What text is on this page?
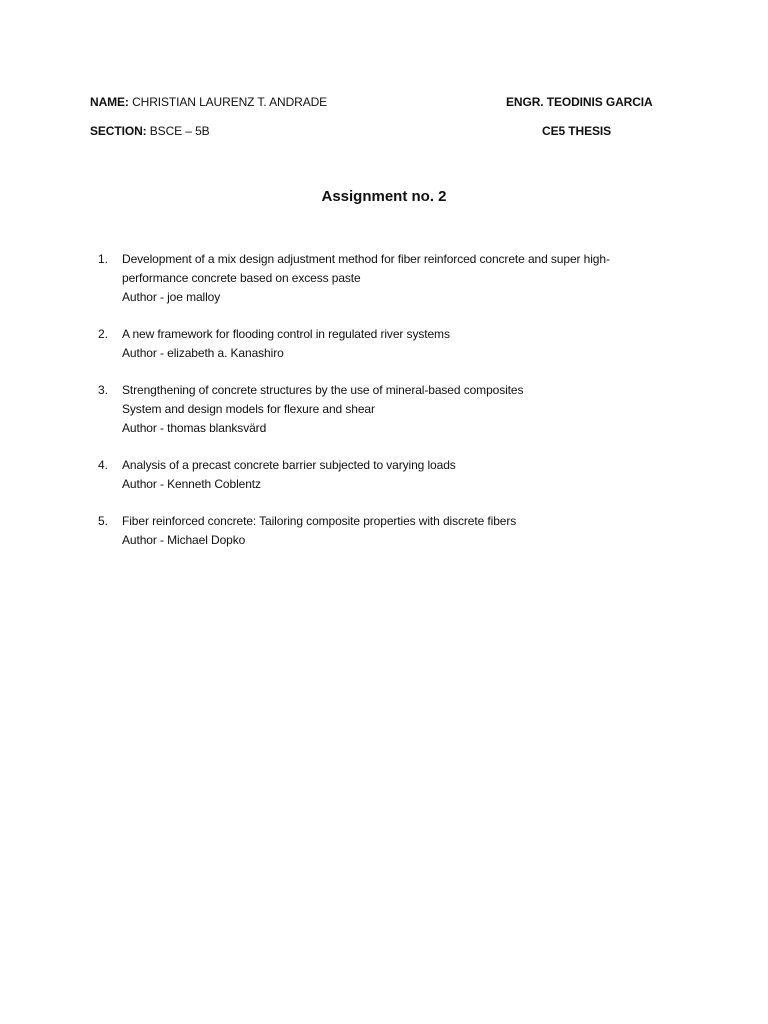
NAME: CHRISTIAN LAURENZ T. ANDRADE	ENGR. TEODINIS GARCIA
SECTION: BSCE – 5B	CE5 THESIS
Assignment no. 2
1. Development of a mix design adjustment method for fiber reinforced concrete and super high-
performance concrete based on excess paste
Author - joe malloy
2. A new framework for flooding control in regulated river systems
Author - elizabeth a. Kanashiro
3. Strengthening of concrete structures by the use of mineral-based composites
System and design models for flexure and shear
Author - thomas blanksvärd
4. Analysis of a precast concrete barrier subjected to varying loads
Author - Kenneth Coblentz
5. Fiber reinforced concrete: Tailoring composite properties with discrete fibers
Author - Michael Dopko
